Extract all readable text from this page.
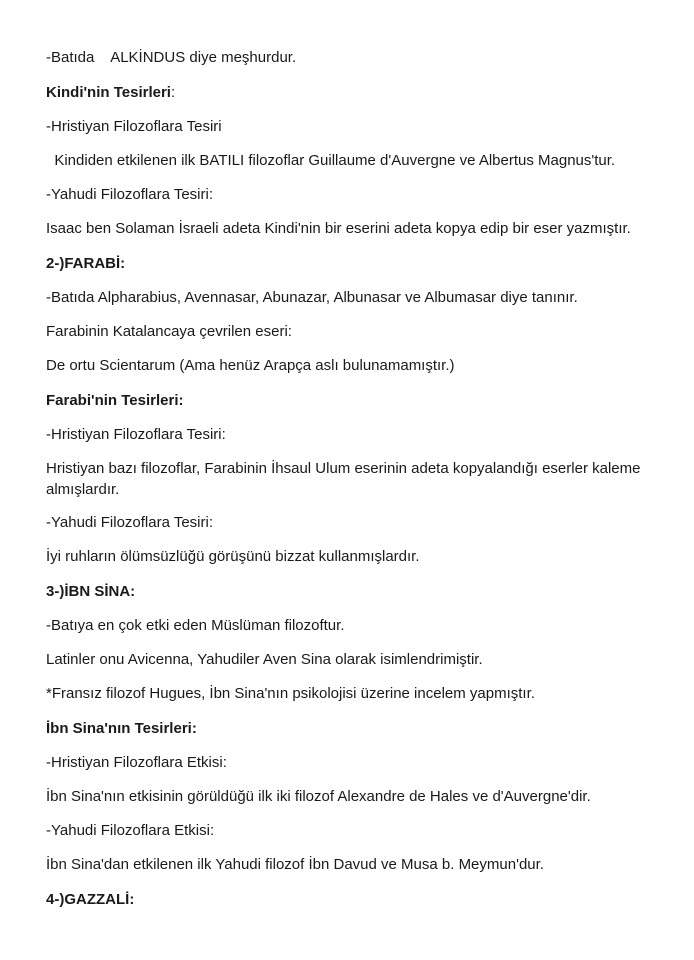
-Batıda    ALKİNDUS diye meşhurdur.

Kindi'nin Tesirleri:

-Hristiyan Filozoflara Tesiri

Kindiden etkilenen ilk BATILI filozoflar Guillaume d'Auvergne ve Albertus Magnus'tur.

-Yahudi Filozoflara Tesiri:

Isaac ben Solaman İsraeli adeta Kindi'nin bir eserini adeta kopya edip bir eser yazmıştır.

2-)FARABİ:

-Batıda Alpharabius, Avennasar, Abunazar, Albunasar ve Albumasar diye tanınır.

Farabinin Katalancaya çevrilen eseri:

De ortu Scientarum (Ama henüz Arapça aslı bulunamamıştır.)

Farabi'nin Tesirleri:

-Hristiyan Filozoflara Tesiri:

Hristiyan bazı filozoflar, Farabinin İhsaul Ulum eserinin adeta kopyalandığı eserler kaleme almışlardır.

-Yahudi Filozoflara Tesiri:

İyi ruhların ölümsüzlüğü görüşünü bizzat kullanmışlardır.

3-)İBN SİNA:

-Batıya en çok etki eden Müslüman filozoftur.

Latinler onu Avicenna, Yahudiler Aven Sina olarak isimlendrimiştir.

*Fransız filozof Hugues, İbn Sina'nın psikolojisi üzerine incelem yapmıştır.

İbn Sina'nın Tesirleri:

-Hristiyan Filozoflara Etkisi:

İbn Sina'nın etkisinin görüldüğü ilk iki filozof Alexandre de Hales ve d'Auvergne'dir.

-Yahudi Filozoflara Etkisi:

İbn Sina'dan etkilenen ilk Yahudi filozof İbn Davud ve Musa b. Meymun'dur.

4-)GAZZALİ:
